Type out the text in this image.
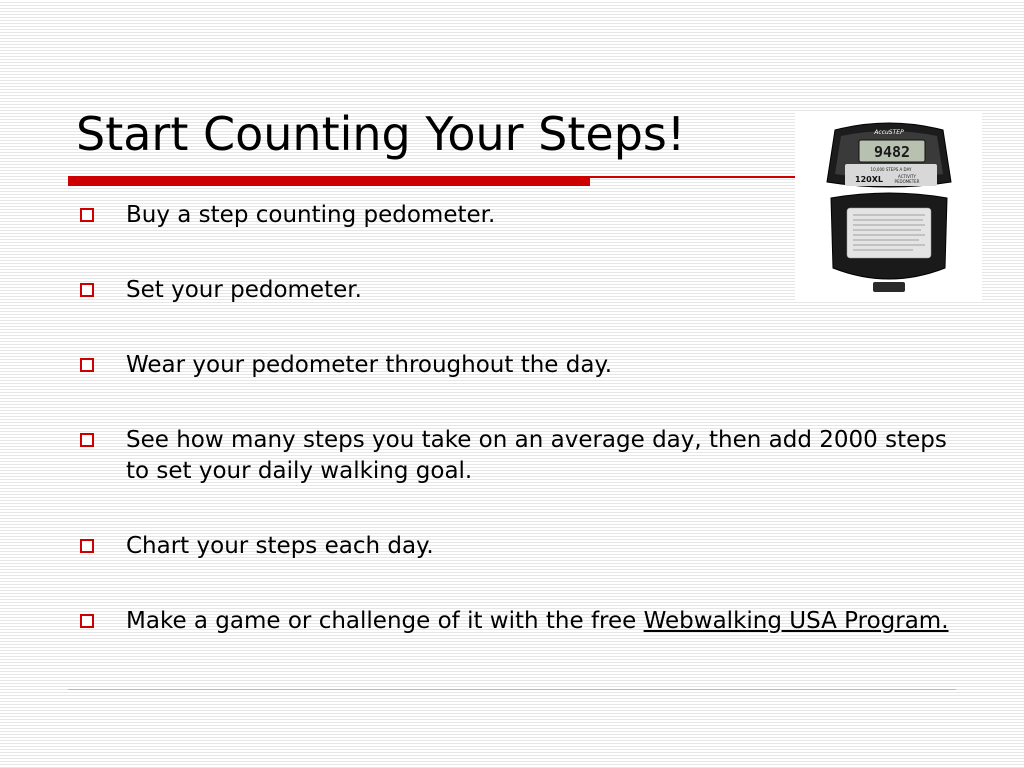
Start Counting Your Steps!	AccuSTEP
9482
10,000 STEPS A DAY
120XL	ACTIVITY
PEDOMETER
Buy a step counting pedometer.
Set your pedometer.
Wear your pedometer throughout the day.
See how many steps you take on an average day, then add 2000 steps to set your daily walking goal.
Chart your steps each day.
Make a game or challenge of it with the free Webwalking USA Program.
